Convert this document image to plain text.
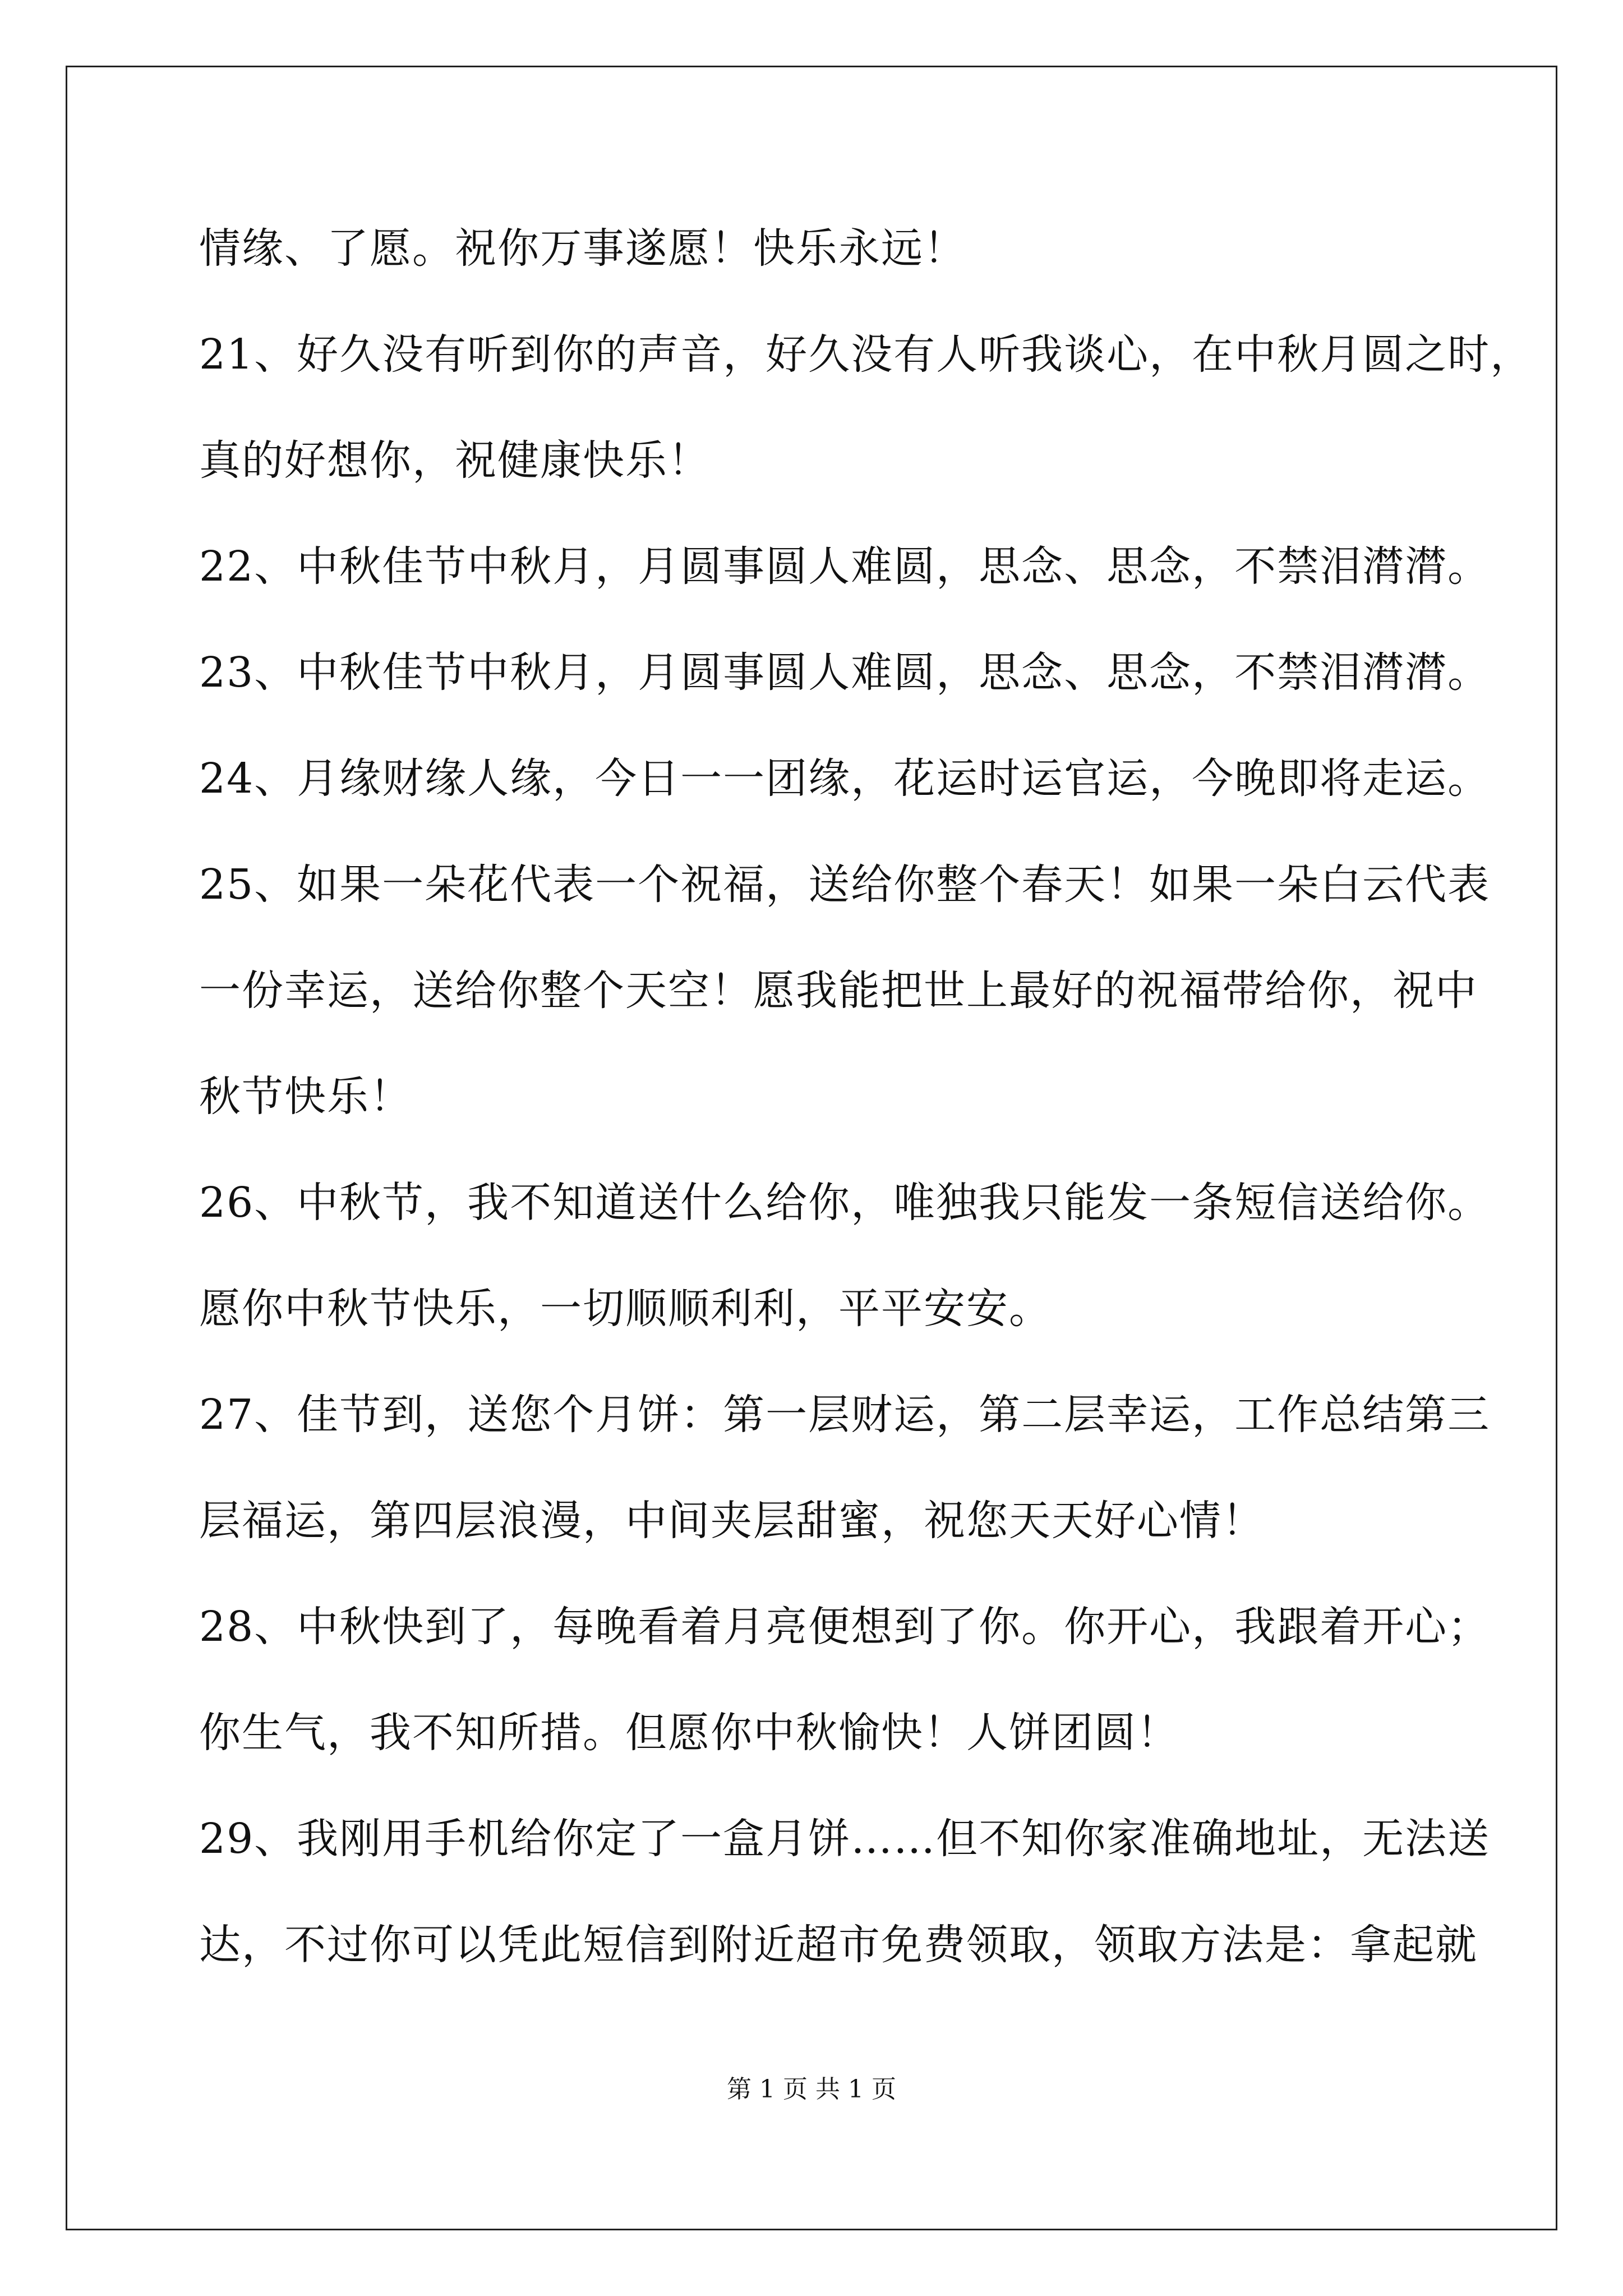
情缘、了愿。祝你万事遂愿！快乐永远！
21、好久没有听到你的声音，好久没有人听我谈心，在中秋月圆之时，
真的好想你，祝健康快乐！
22、中秋佳节中秋月，月圆事圆人难圆，思念、思念，不禁泪潸潸。
23、中秋佳节中秋月，月圆事圆人难圆，思念、思念，不禁泪潸潸。
24、月缘财缘人缘，今日一一团缘，花运时运官运，今晚即将走运。
25、如果一朵花代表一个祝福，送给你整个春天！如果一朵白云代表
一份幸运，送给你整个天空！愿我能把世上最好的祝福带给你，祝中
秋节快乐！
26、中秋节，我不知道送什么给你，唯独我只能发一条短信送给你。
愿你中秋节快乐，一切顺顺利利，平平安安。
27、佳节到，送您个月饼：第一层财运，第二层幸运，工作总结第三
层福运，第四层浪漫，中间夹层甜蜜，祝您天天好心情！
28、中秋快到了，每晚看着月亮便想到了你。你开心，我跟着开心；
你生气，我不知所措。但愿你中秋愉快！人饼团圆！
29、我刚用手机给你定了一盒月饼……但不知你家准确地址，无法送
达，不过你可以凭此短信到附近超市免费领取，领取方法是：拿起就
第 1 页 共 1 页
